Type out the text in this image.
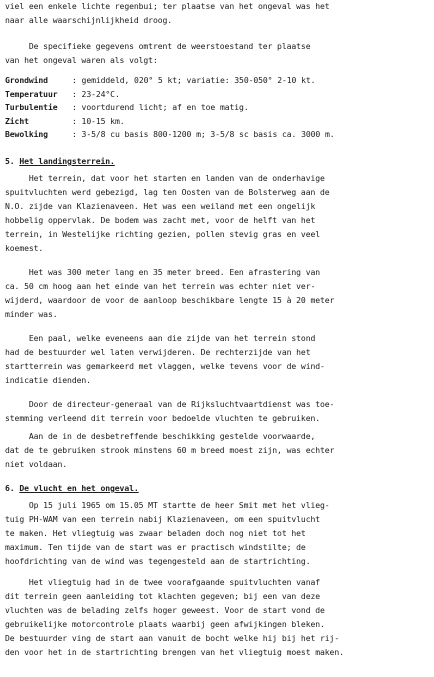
viel een enkele lichte regenbui; ter plaatse van het ongeval was het
naar alle waarschijnlijkheid droog.
De specifieke gegevens omtrent de weerstoestand ter plaatse
van het ongeval waren als volgt:
Grondwind	: gemiddeld, 020° 5 kt; variatie: 350-050° 2-10 kt.
Temperatuur	: 23-24°C.
Turbulentie	: voortdurend licht; af en toe matig.
Zicht	: 10-15 km.
Bewolking	: 3-5/8 cu basis 800-1200 m; 3-5/8 sc basis ca. 3000 m.
5. Het landingsterrein.
Het terrein, dat voor het starten en landen van de onderhavige
spuitvluchten werd gebezigd, lag ten Oosten van de Bolsterweg aan de
N.O. zijde van Klazienaveen. Het was een weiland met een ongelijk
hobbelig oppervlak. De bodem was zacht met, voor de helft van het
terrein, in Westelijke richting gezien, pollen stevig gras en veel
koemest.
Het was 300 meter lang en 35 meter breed. Een afrastering van
ca. 50 cm hoog aan het einde van het terrein was echter niet ver-
wijderd, waardoor de voor de aanloop beschikbare lengte 15 à 20 meter
minder was.
Een paal, welke eveneens aan die zijde van het terrein stond
had de bestuurder wel laten verwijderen. De rechterzijde van het
startterrein was gemarkeerd met vlaggen, welke tevens voor de wind-
indicatie dienden.
Door de directeur-generaal van de Rijksluchtvaartdienst was toe-
stemming verleend dit terrein voor bedoelde vluchten te gebruiken.
Aan de in de desbetreffende beschikking gestelde voorwaarde,
dat de te gebruiken strook minstens 60 m breed moest zijn, was echter
niet voldaan.
6. De vlucht en het ongeval.
Op 15 juli 1965 om 15.05 MT startte de heer Smit met het vlieg-
tuig PH-WAM van een terrein nabij Klazienaveen, om een spuitvlucht
te maken. Het vliegtuig was zwaar beladen doch nog niet tot het
maximum. Ten tijde van de start was er practisch windstilte; de
hoofdrichting van de wind was tegengesteld aan de startrichting.
Het vliegtuig had in de twee voorafgaande spuitvluchten vanaf
dit terrein geen aanleiding tot klachten gegeven; bij een van deze
vluchten was de belading zelfs hoger geweest. Voor de start vond de
gebruikelijke motorcontrole plaats waarbij geen afwijkingen bleken.
De bestuurder ving de start aan vanuit de bocht welke hij bij het rij-
den voor het in de startrichting brengen van het vliegtuig moest maken.
